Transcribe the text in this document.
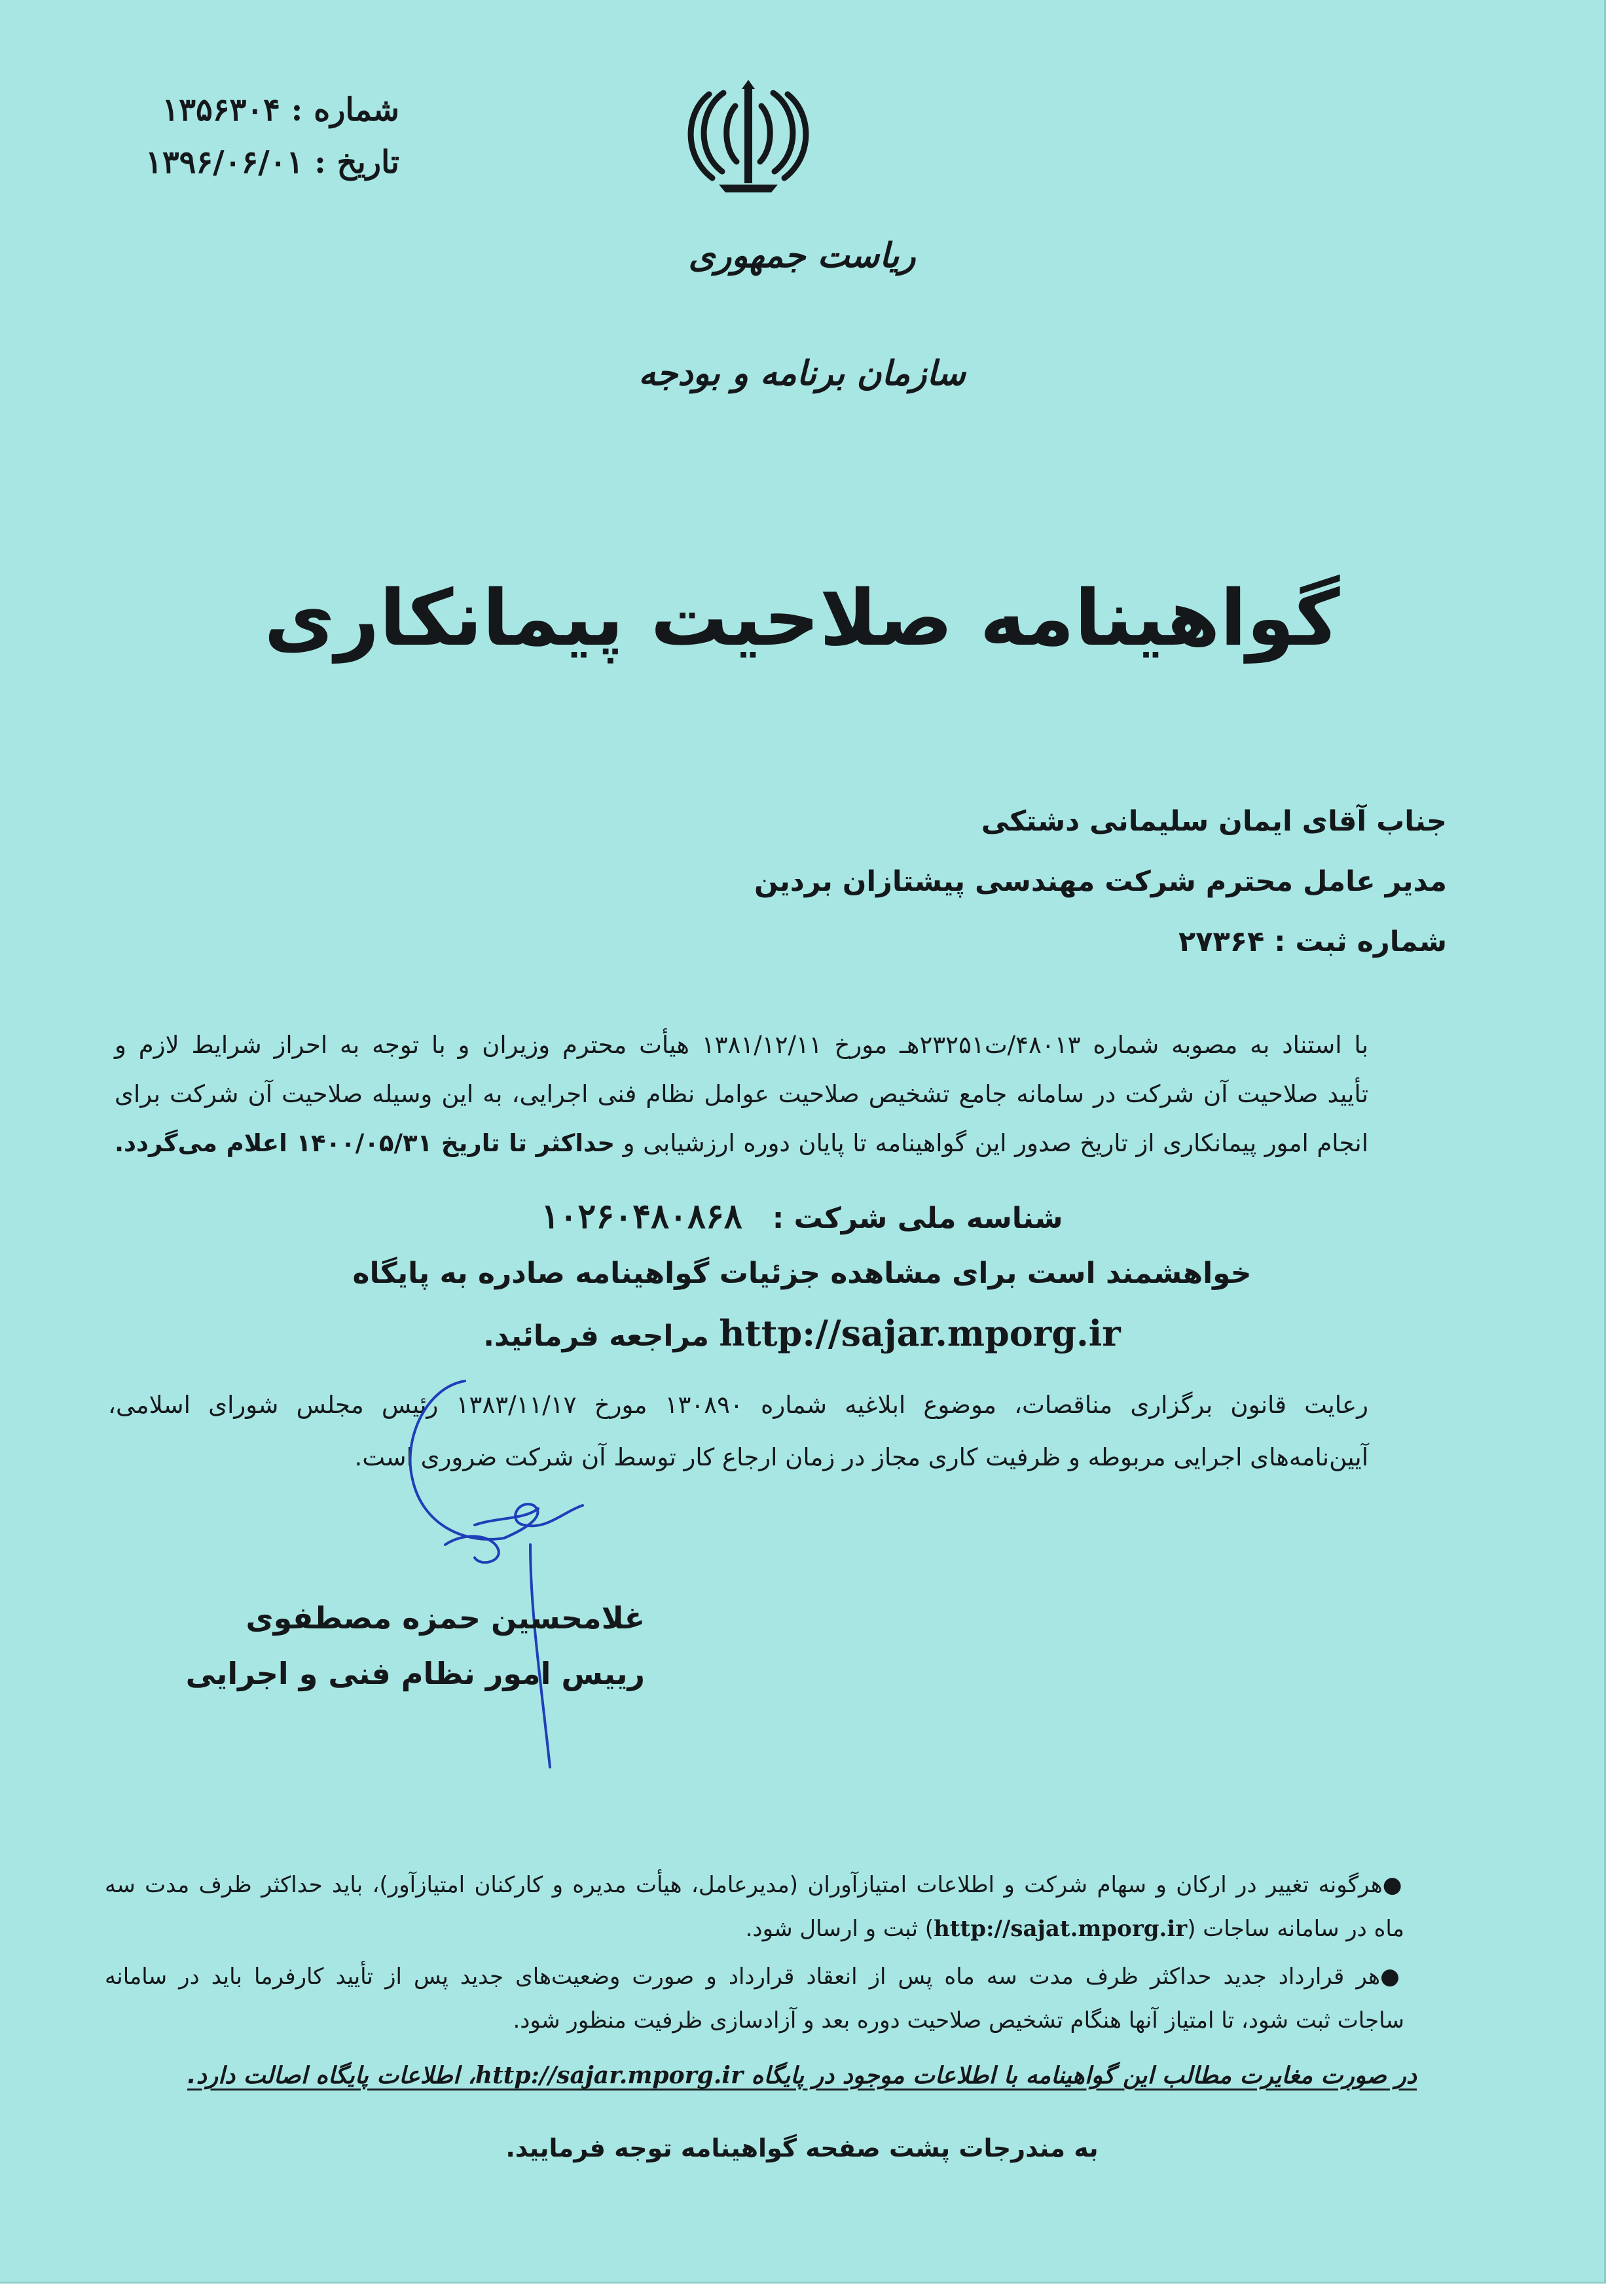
شماره : ۱۳۵۶۳۰۴
تاریخ : ۱۳۹۶/۰۶/۰۱
ریاست جمهوری
سازمان برنامه و بودجه
گواهینامه صلاحیت پیمانکاری
جناب آقای ایمان سلیمانی دشتکی
مدیر عامل محترم شرکت مهندسی پیشتازان بردین
شماره ثبت : ۲۷۳۶۴
با استناد به مصوبه شماره ۴۸۰۱۳/ت۲۳۲۵۱هـ مورخ ۱۳۸۱/۱۲/۱۱ هیأت محترم وزیران و با توجه به احراز شرایط لازم و
تأیید صلاحیت آن شرکت در سامانه جامع تشخیص صلاحیت عوامل نظام فنی اجرایی، به این وسیله صلاحیت آن شرکت برای
انجام امور پیمانکاری از تاریخ صدور این گواهینامه تا پایان دوره ارزشیابی و حداکثر تا تاریخ ۱۴۰۰/۰۵/۳۱ اعلام می‌گردد.
شناسه ملی شرکت :   ۱۰۲۶۰۴۸۰۸۶۸
خواهشمند است برای مشاهده جزئیات گواهینامه صادره به پایگاه
http://sajar.mporg.ir مراجعه فرمائید.
رعایت قانون برگزاری مناقصات، موضوع ابلاغیه شماره ۱۳۰۸۹۰ مورخ ۱۳۸۳/۱۱/۱۷ رئیس مجلس شورای اسلامی،
آیین‌نامه‌های اجرایی مربوطه و ظرفیت کاری مجاز در زمان ارجاع کار توسط آن شرکت ضروری است.
غلامحسین حمزه مصطفوی
رییس امور نظام فنی و اجرایی
●هرگونه تغییر در ارکان و سهام شرکت و اطلاعات امتیازآوران (مدیرعامل، هیأت مدیره و کارکنان امتیازآور)، باید حداکثر ظرف مدت سه
ماه در سامانه ساجات (http://sajat.mporg.ir) ثبت و ارسال شود.
●هر قرارداد جدید حداکثر ظرف مدت سه ماه پس از انعقاد قرارداد و صورت وضعیت‌های جدید پس از تأیید کارفرما باید در سامانه
ساجات ثبت شود، تا امتیاز آنها هنگام تشخیص صلاحیت دوره بعد و آزادسازی ظرفیت منظور شود.
در صورت مغایرت مطالب این گواهینامه با اطلاعات موجود در پایگاه http://sajar.mporg.ir، اطلاعات پایگاه اصالت دارد.
به مندرجات پشت صفحه گواهینامه توجه فرمایید.
